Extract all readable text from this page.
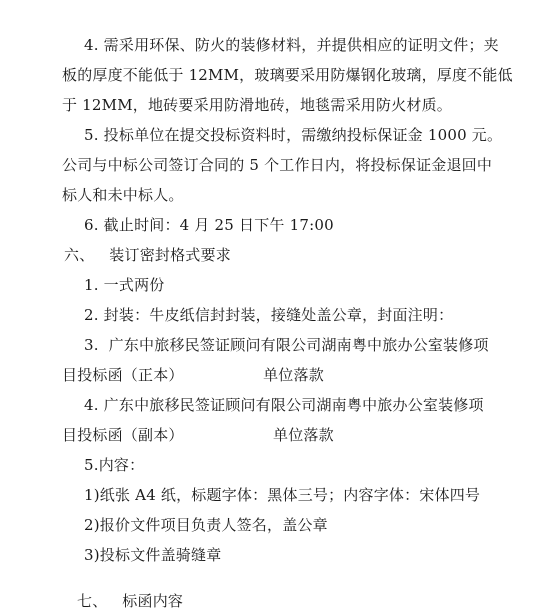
4. 需采用环保、防火的装修材料，并提供相应的证明文件；夹
板的厚度不能低于 12MM，玻璃要采用防爆钢化玻璃，厚度不能低
于 12MM，地砖要采用防滑地砖，地毯需采用防火材质。
5. 投标单位在提交投标资料时，需缴纳投标保证金 1000 元。
公司与中标公司签订合同的 5 个工作日内，将投标保证金退回中
标人和未中标人。
6. 截止时间：4 月 25 日下午 17:00
六、   装订密封格式要求
1. 一式两份
2. 封装：牛皮纸信封封装，接缝处盖公章，封面注明：
3.  广东中旅移民签证顾问有限公司湖南粤中旅办公室装修项
目投标函（正本）                单位落款
4. 广东中旅移民签证顾问有限公司湖南粤中旅办公室装修项
目投标函（副本）                  单位落款
5.内容：
1)纸张 A4 纸，标题字体：黑体三号；内容字体：宋体四号
2)报价文件项目负责人签名，盖公章
3)投标文件盖骑缝章
七、   标函内容
